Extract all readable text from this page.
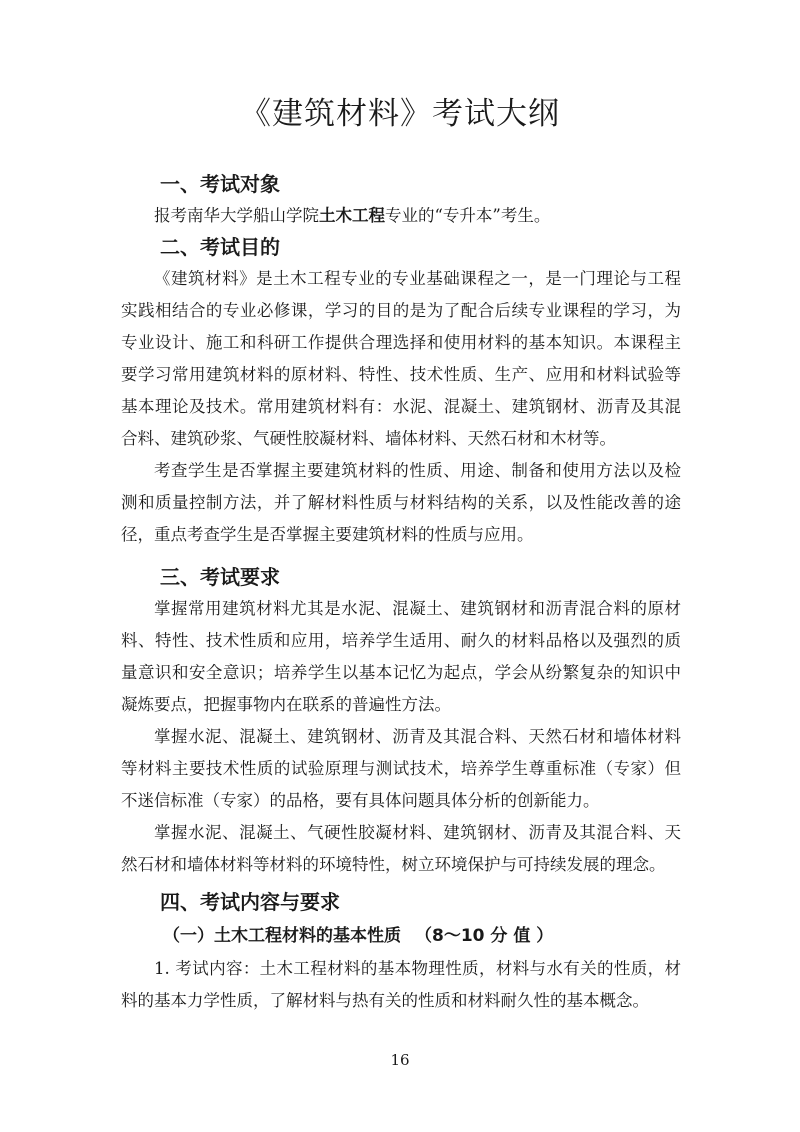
《建筑材料》考试大纲
一、考试对象

报考南华大学船山学院土木工程专业的“专升本”考生。

二、考试目的

《建筑材料》是土木工程专业的专业基础课程之一，是一门理论与工程实践相结合的专业必修课，学习的目的是为了配合后续专业课程的学习，为专业设计、施工和科研工作提供合理选择和使用材料的基本知识。本课程主要学习常用建筑材料的原材料、特性、技术性质、生产、应用和材料试验等基本理论及技术。常用建筑材料有：水泥、混凝土、建筑钢材、沥青及其混合料、建筑砂浆、气硬性胶凝材料、墙体材料、天然石材和木材等。

考查学生是否掌握主要建筑材料的性质、用途、制备和使用方法以及检测和质量控制方法，并了解材料性质与材料结构的关系，以及性能改善的途径，重点考查学生是否掌握主要建筑材料的性质与应用。

三、考试要求

掌握常用建筑材料尤其是水泥、混凝土、建筑钢材和沥青混合料的原材料、特性、技术性质和应用，培养学生适用、耐久的材料品格以及强烈的质量意识和安全意识；培养学生以基本记忆为起点，学会从纷繁复杂的知识中凝炼要点，把握事物内在联系的普遍性方法。

掌握水泥、混凝土、建筑钢材、沥青及其混合料、天然石材和墙体材料等材料主要技术性质的试验原理与测试技术，培养学生尊重标准（专家）但不迷信标准（专家）的品格，要有具体问题具体分析的创新能力。

掌握水泥、混凝土、气硬性胶凝材料、建筑钢材、沥青及其混合料、天然石材和墙体材料等材料的环境特性，树立环境保护与可持续发展的理念。

四、考试内容与要求
（一）土木工程材料的基本性质 （8～10 分 值 ）

1. 考试内容：土木工程材料的基本物理性质，材料与水有关的性质，材料的基本力学性质，了解材料与热有关的性质和材料耐久性的基本概念。

16
